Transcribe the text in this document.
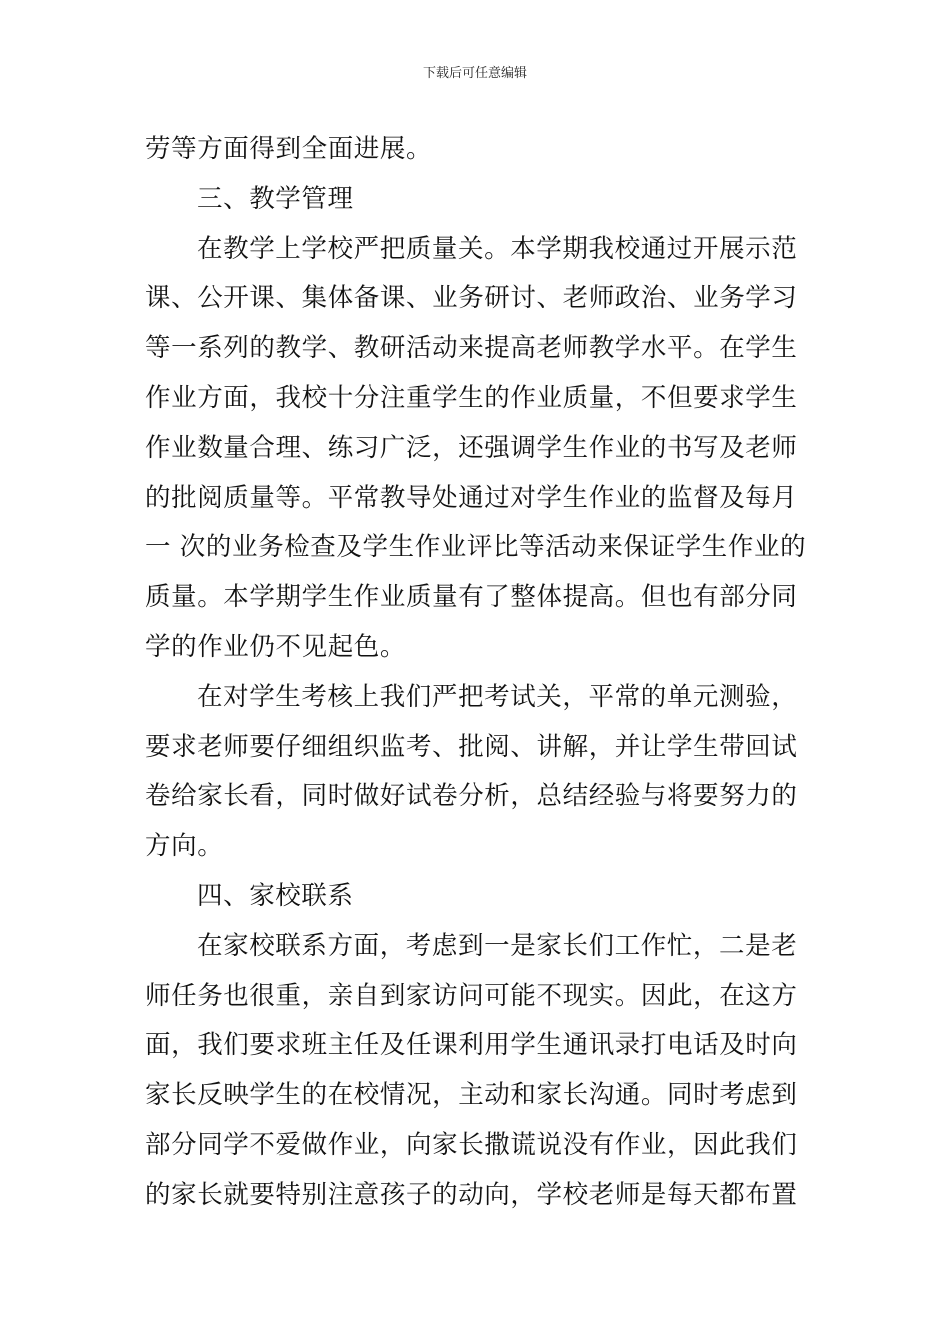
下载后可任意编辑
劳等方面得到全面进展。
三、教学管理
在教学上学校严把质量关。本学期我校通过开展示范
课、公开课、集体备课、业务研讨、老师政治、业务学习
等一系列的教学、教研活动来提高老师教学水平。在学生
作业方面，我校十分注重学生的作业质量，不但要求学生
作业数量合理、练习广泛，还强调学生作业的书写及老师
的批阅质量等。平常教导处通过对学生作业的监督及每月
一 次的业务检查及学生作业评比等活动来保证学生作业的
质量。本学期学生作业质量有了整体提高。但也有部分同
学的作业仍不见起色。
在对学生考核上我们严把考试关，平常的单元测验，
要求老师要仔细组织监考、批阅、讲解，并让学生带回试
卷给家长看，同时做好试卷分析，总结经验与将要努力的
方向。
四、家校联系
在家校联系方面，考虑到一是家长们工作忙，二是老
师任务也很重，亲自到家访问可能不现实。因此，在这方
面，我们要求班主任及任课利用学生通讯录打电话及时向
家长反映学生的在校情况，主动和家长沟通。同时考虑到
部分同学不爱做作业，向家长撒谎说没有作业，因此我们
的家长就要特别注意孩子的动向，学校老师是每天都布置
